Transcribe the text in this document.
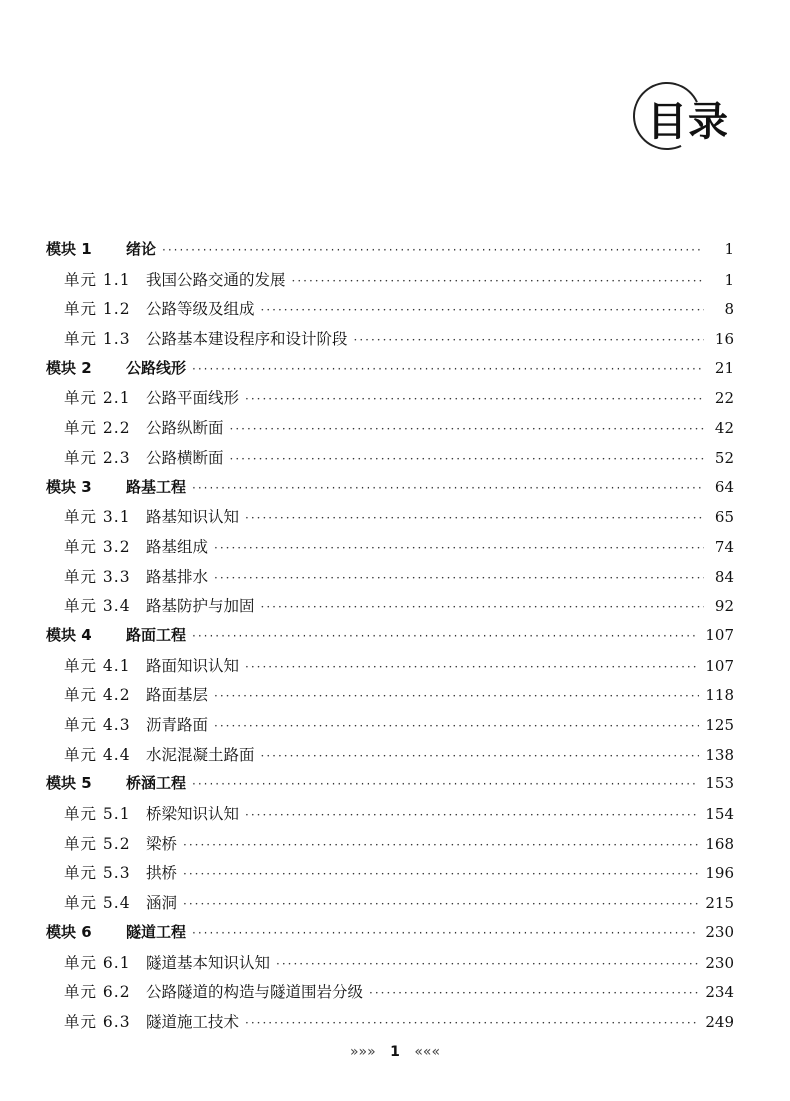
目录
模块 1	绪论 ·····	1
单元 1.1 我国公路交通的发展 ·····	1
单元 1.2 公路等级及组成 ·····	8
单元 1.3 公路基本建设程序和设计阶段 ·····	16
模块 2	公路线形 ·····	21
单元 2.1 公路平面线形 ·····	22
单元 2.2 公路纵断面 ·····	42
单元 2.3 公路横断面 ·····	52
模块 3	路基工程 ·····	64
单元 3.1 路基知识认知 ·····	65
单元 3.2 路基组成 ·····	74
单元 3.3 路基排水 ·····	84
单元 3.4 路基防护与加固 ·····	92
模块 4	路面工程 ·····	107
单元 4.1 路面知识认知 ·····	107
单元 4.2 路面基层 ·····	118
单元 4.3 沥青路面 ·····	125
单元 4.4 水泥混凝土路面 ·····	138
模块 5	桥涵工程 ·····	153
单元 5.1 桥梁知识认知 ·····	154
单元 5.2 梁桥 ·····	168
单元 5.3 拱桥 ·····	196
单元 5.4 涵洞 ·····	215
模块 6	隧道工程 ·····	230
单元 6.1 隧道基本知识认知 ·····	230
单元 6.2 公路隧道的构造与隧道围岩分级 ·····	234
单元 6.3 隧道施工技术 ·····	249
»»» 1 «««
